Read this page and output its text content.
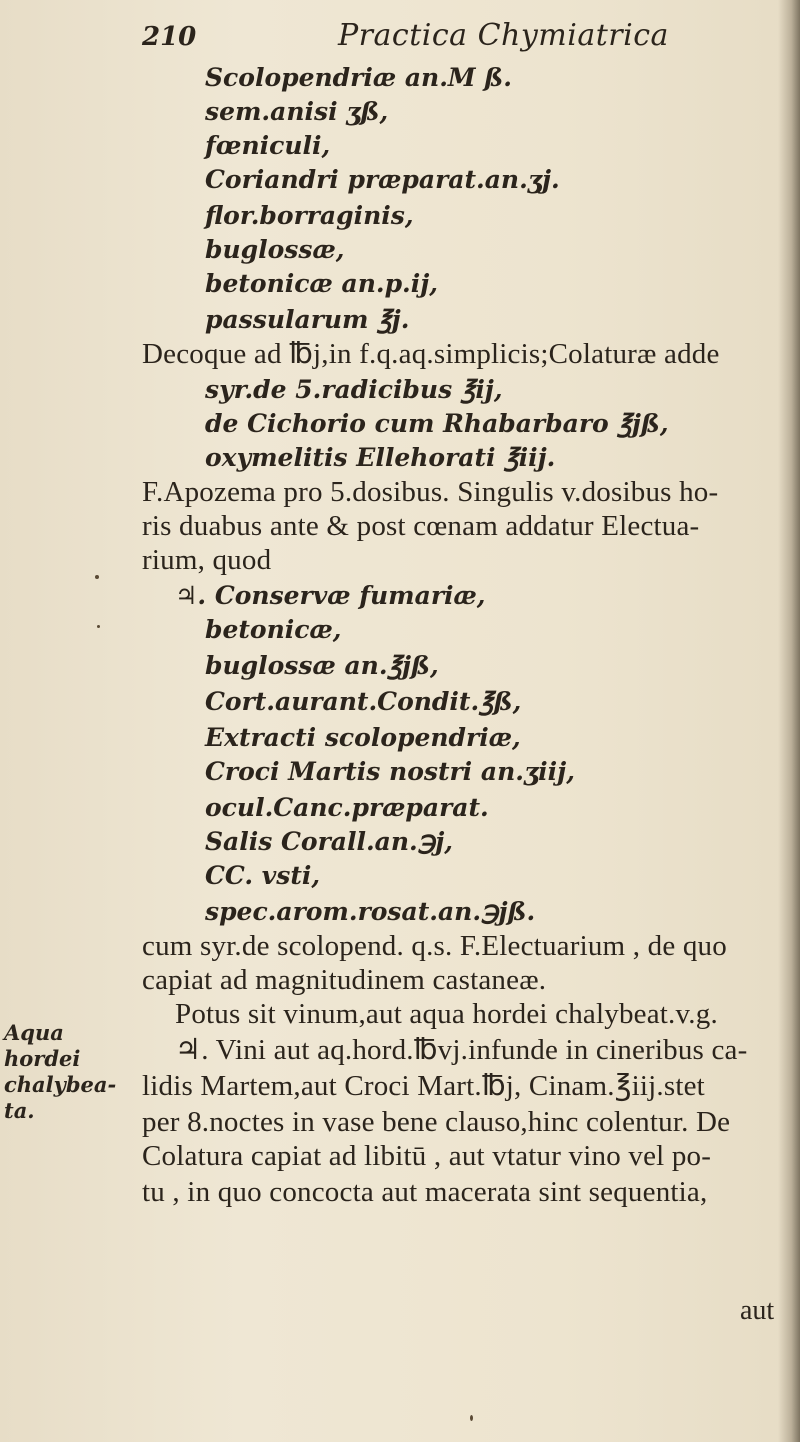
210	Practica Chymiatrica
Scolopendriæ an.M ß.
sem.anisi ʒß,
fœniculi,
Coriandri præparat.an.ʒj.
flor.borraginis,
buglossæ,
betonicæ an.p.ij,
passularum ℥j.
Decoque ad ℔j,in f.q.aq.simplicis;Colaturæ adde
syr.de 5.radicibus ℥ij,
de Cichorio cum Rhabarbaro ℥jß,
oxymelitis Ellehorati ℥iij.
F.Apozema pro 5.dosibus. Singulis v.dosibus ho-
ris duabus ante & post cœnam addatur Electua-
rium, quod
♃. Conservæ fumariæ,
betonicæ,
buglossæ an.℥jß,
Cort.aurant.Condit.℥ß,
Extracti scolopendriæ,
Croci Martis nostri an.ʒiij,
ocul.Canc.præparat.
Salis Corall.an.℈j,
CC. vsti,
spec.arom.rosat.an.℈jß.
cum syr.de scolopend. q.s. F.Electuarium , de quo
capiat ad magnitudinem castaneæ.
Potus sit vinum,aut aqua hordei chalybeat.v.g.
♃. Vini aut aq.hord.℔vj.infunde in cineribus ca-
lidis Martem,aut Croci Mart.℔j, Cinam.℥iij.stet
per 8.noctes in vase bene clauso,hinc colentur. De
Colatura capiat ad libitū , aut vtatur vino vel po-
tu , in quo concocta aut macerata sint sequentia,
Aqua
hordei
chalybea-
ta.
aut
